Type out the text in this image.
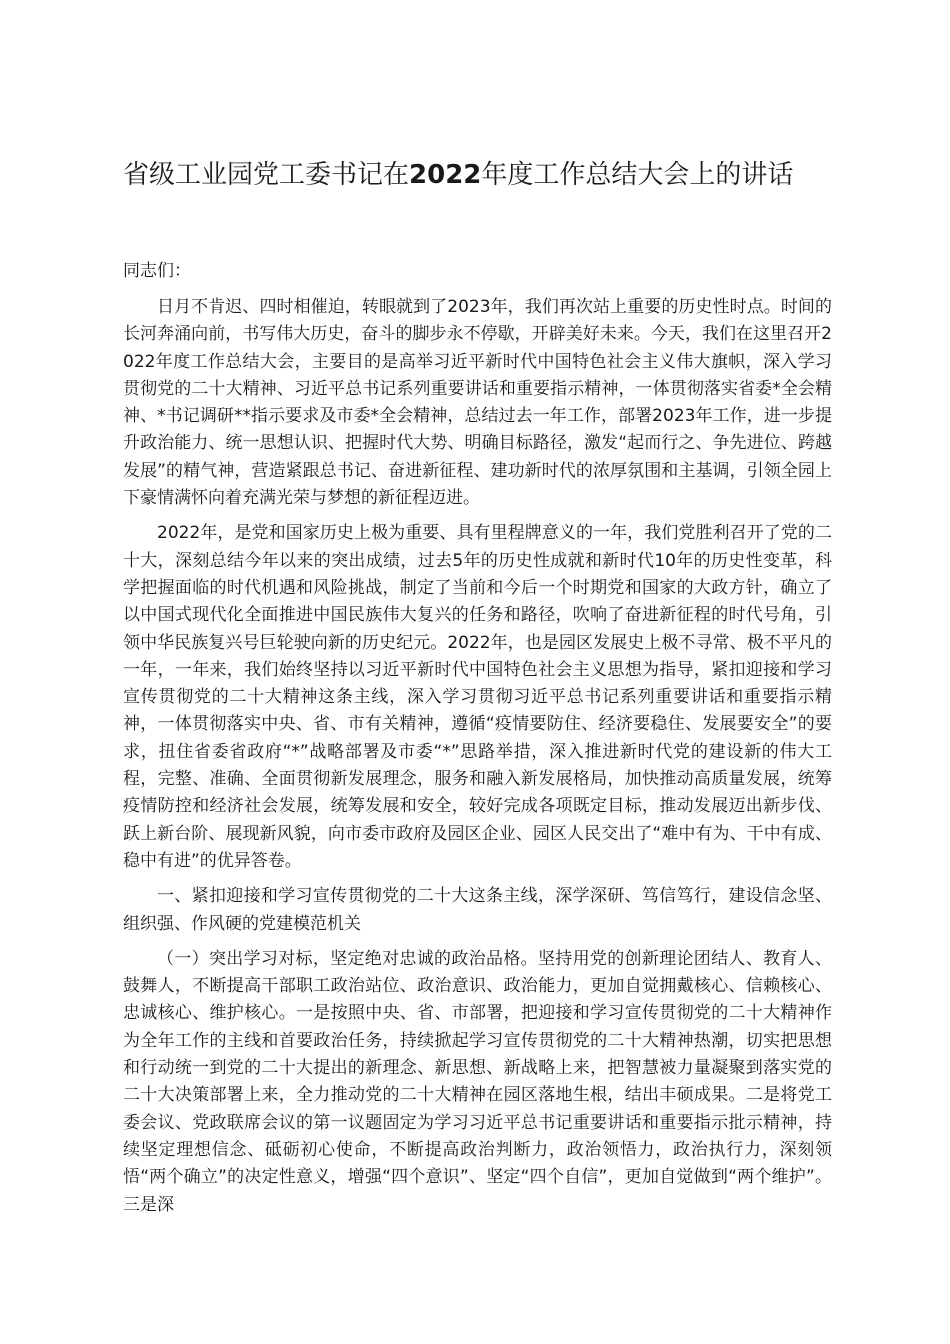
省级工业园党工委书记在2022年度工作总结大会上的讲话

同志们：

日月不肯迟、四时相催迫，转眼就到了2023年，我们再次站上重要的历史性时点。时间的长河奔涌向前，书写伟大历史，奋斗的脚步永不停歇，开辟美好未来。今天，我们在这里召开2022年度工作总结大会，主要目的是高举习近平新时代中国特色社会主义伟大旗帜，深入学习贯彻党的二十大精神、习近平总书记系列重要讲话和重要指示精神，一体贯彻落实省委*全会精神、*书记调研**指示要求及市委*全会精神，总结过去一年工作，部署2023年工作，进一步提升政治能力、统一思想认识、把握时代大势、明确目标路径，激发“起而行之、争先进位、跨越发展”的精气神，营造紧跟总书记、奋进新征程、建功新时代的浓厚氛围和主基调，引领全园上下豪情满怀向着充满光荣与梦想的新征程迈进。

2022年，是党和国家历史上极为重要、具有里程牌意义的一年，我们党胜利召开了党的二十大，深刻总结今年以来的突出成绩，过去5年的历史性成就和新时代10年的历史性变革，科学把握面临的时代机遇和风险挑战，制定了当前和今后一个时期党和国家的大政方针，确立了以中国式现代化全面推进中国民族伟大复兴的任务和路径，吹响了奋进新征程的时代号角，引领中华民族复兴号巨轮驶向新的历史纪元。2022年，也是园区发展史上极不寻常、极不平凡的一年，一年来，我们始终坚持以习近平新时代中国特色社会主义思想为指导，紧扣迎接和学习宣传贯彻党的二十大精神这条主线，深入学习贯彻习近平总书记系列重要讲话和重要指示精神，一体贯彻落实中央、省、市有关精神，遵循“疫情要防住、经济要稳住、发展要安全”的要求，扭住省委省政府“*”战略部署及市委“*”思路举措，深入推进新时代党的建设新的伟大工程，完整、准确、全面贯彻新发展理念，服务和融入新发展格局，加快推动高质量发展，统筹疫情防控和经济社会发展，统筹发展和安全，较好完成各项既定目标，推动发展迈出新步伐、跃上新台阶、展现新风貌，向市委市政府及园区企业、园区人民交出了“难中有为、干中有成、稳中有进”的优异答卷。

一、紧扣迎接和学习宣传贯彻党的二十大这条主线，深学深研、笃信笃行，建设信念坚、组织强、作风硬的党建模范机关

（一）突出学习对标，坚定绝对忠诚的政治品格。坚持用党的创新理论团结人、教育人、鼓舞人，不断提高干部职工政治站位、政治意识、政治能力，更加自觉拥戴核心、信赖核心、忠诚核心、维护核心。一是按照中央、省、市部署，把迎接和学习宣传贯彻党的二十大精神作为全年工作的主线和首要政治任务，持续掀起学习宣传贯彻党的二十大精神热潮，切实把思想和行动统一到党的二十大提出的新理念、新思想、新战略上来，把智慧被力量凝聚到落实党的二十大决策部署上来，全力推动党的二十大精神在园区落地生根，结出丰硕成果。二是将党工委会议、党政联席会议的第一议题固定为学习习近平总书记重要讲话和重要指示批示精神，持续坚定理想信念、砥砺初心使命，不断提高政治判断力，政治领悟力，政治执行力，深刻领悟“两个确立”的决定性意义，增强“四个意识”、坚定“四个自信”，更加自觉做到“两个维护”。三是深
